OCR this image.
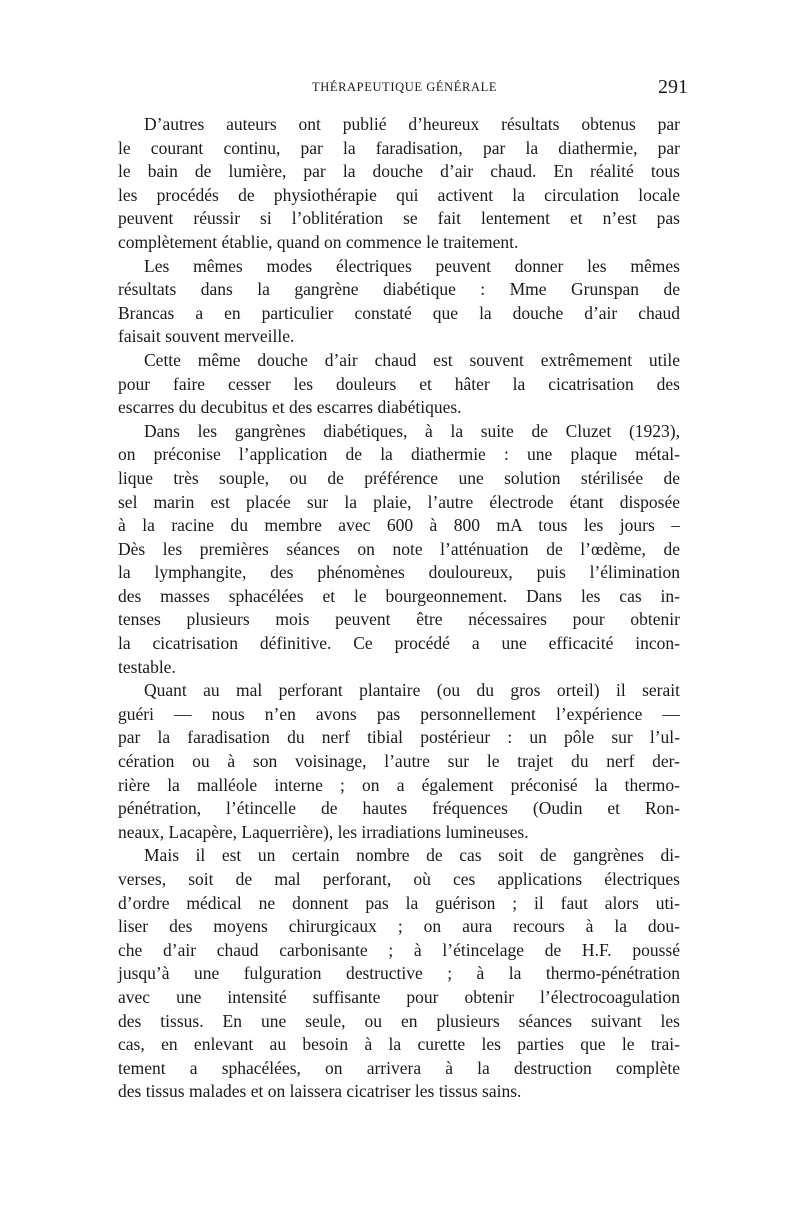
THÉRAPEUTIQUE GÉNÉRALE	291
D’autres auteurs ont publié d’heureux résultats obtenus par
le courant continu, par la faradisation, par la diathermie, par
le bain de lumière, par la douche d’air chaud. En réalité tous
les procédés de physiothérapie qui activent la circulation locale
peuvent réussir si l’oblitération se fait lentement et n’est pas
complètement établie, quand on commence le traitement.
Les mêmes modes électriques peuvent donner les mêmes
résultats dans la gangrène diabétique : Mme Grunspan de
Brancas a en particulier constaté que la douche d’air chaud
faisait souvent merveille.
Cette même douche d’air chaud est souvent extrêmement utile
pour faire cesser les douleurs et hâter la cicatrisation des
escarres du decubitus et des escarres diabétiques.
Dans les gangrènes diabétiques, à la suite de Cluzet (1923),
on préconise l’application de la diathermie : une plaque métal-
lique très souple, ou de préférence une solution stérilisée de
sel marin est placée sur la plaie, l’autre électrode étant disposée
à la racine du membre avec 600 à 800 mA tous les jours –
Dès les premières séances on note l’atténuation de l’œdème, de
la lymphangite, des phénomènes douloureux, puis l’élimination
des masses sphacélées et le bourgeonnement. Dans les cas in-
tenses plusieurs mois peuvent être nécessaires pour obtenir
la cicatrisation définitive. Ce procédé a une efficacité incon-
testable.
Quant au mal perforant plantaire (ou du gros orteil) il serait
guéri — nous n’en avons pas personnellement l’expérience —
par la faradisation du nerf tibial postérieur : un pôle sur l’ul-
cération ou à son voisinage, l’autre sur le trajet du nerf der-
rière la malléole interne ; on a également préconisé la thermo-
pénétration, l’étincelle de hautes fréquences (Oudin et Ron-
neaux, Lacapère, Laquerrière), les irradiations lumineuses.
Mais il est un certain nombre de cas soit de gangrènes di-
verses, soit de mal perforant, où ces applications électriques
d’ordre médical ne donnent pas la guérison ; il faut alors uti-
liser des moyens chirurgicaux ; on aura recours à la dou-
che d’air chaud carbonisante ; à l’étincelage de H.F. poussé
jusqu’à une fulguration destructive ; à la thermo-pénétration
avec une intensité suffisante pour obtenir l’électrocoagulation
des tissus. En une seule, ou en plusieurs séances suivant les
cas, en enlevant au besoin à la curette les parties que le trai-
tement a sphacélées, on arrivera à la destruction complète
des tissus malades et on laissera cicatriser les tissus sains.
